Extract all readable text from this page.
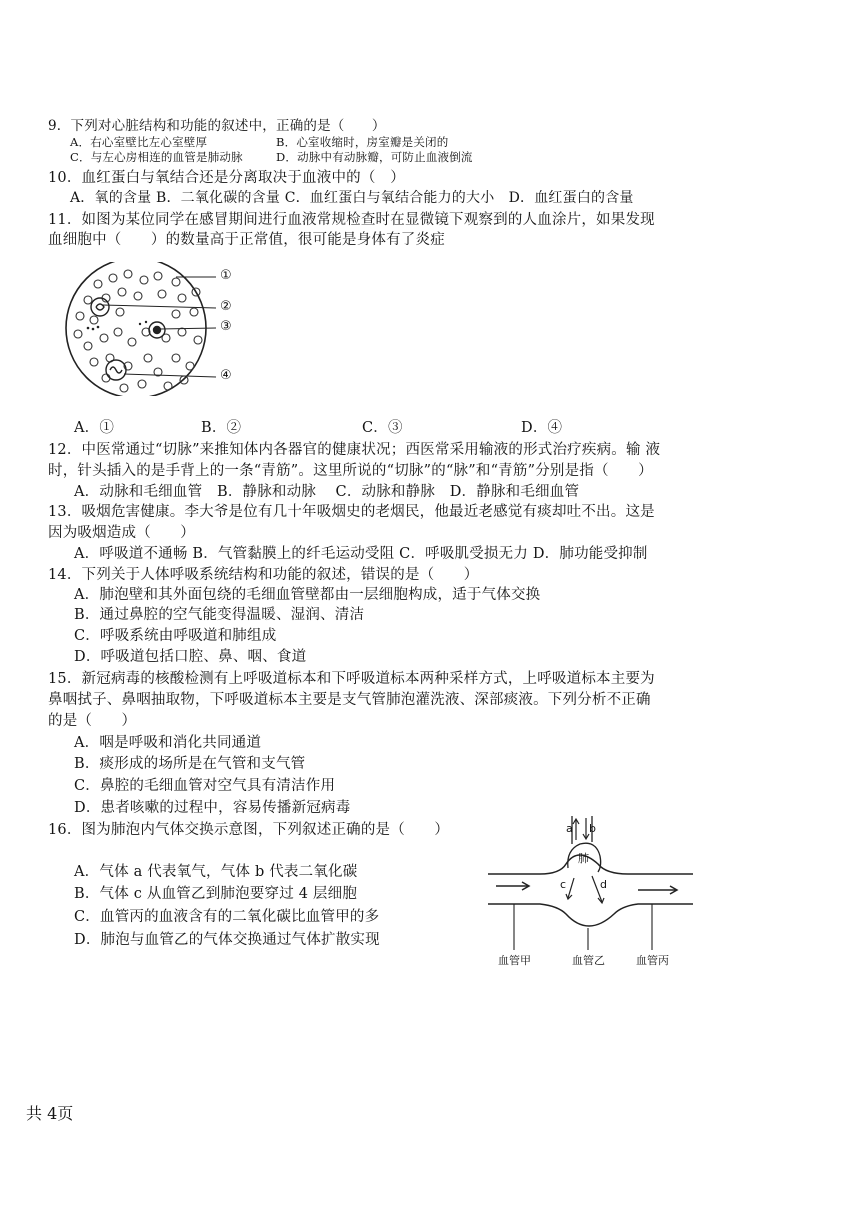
9．下列对心脏结构和功能的叙述中，正确的是（　　）

A．右心室壁比左心室壁厚	B．心室收缩时，房室瓣是关闭的

C．与左心房相连的血管是肺动脉	D．动脉中有动脉瓣，可防止血液倒流

10．血红蛋白与氧结合还是分离取决于血液中的（　）

A．氧的含量 B．二氧化碳的含量 C．血红蛋白与氧结合能力的大小　D．血红蛋白的含量

11．如图为某位同学在感冒期间进行血液常规检查时在显微镜下观察到的人血涂片，如果发现

血细胞中（　　）的数量高于正常值，很可能是身体有了炎症

①
②
③
④

A．①	B．②	C．③	D．④

12．中医常通过“切脉”来推知体内各器官的健康状况；西医常采用输液的形式治疗疾病。输 液

时，针头插入的是手背上的一条“青筋”。这里所说的“切脉”的“脉”和“青筋”分别是指（　　）

A．动脉和毛细血管　B．静脉和动脉　 C．动脉和静脉　D．静脉和毛细血管

13．吸烟危害健康。李大爷是位有几十年吸烟史的老烟民，他最近老感觉有痰却吐不出。这是

因为吸烟造成（　　）

A．呼吸道不通畅 B．气管黏膜上的纤毛运动受阻 C．呼吸肌受损无力 D．肺功能受抑制

14．下列关于人体呼吸系统结构和功能的叙述，错误的是（　　）

A．肺泡壁和其外面包绕的毛细血管壁都由一层细胞构成，适于气体交换

B．通过鼻腔的空气能变得温暖、湿润、清洁

C．呼吸系统由呼吸道和肺组成

D．呼吸道包括口腔、鼻、咽、食道

15．新冠病毒的核酸检测有上呼吸道标本和下呼吸道标本两种采样方式，上呼吸道标本主要为

鼻咽拭子、鼻咽抽取物，下呼吸道标本主要是支气管肺泡灌洗液、深部痰液。下列分析不正确

的是（　　）

A．咽是呼吸和消化共同通道

B．痰形成的场所是在气管和支气管

C．鼻腔的毛细血管对空气具有清洁作用

D．患者咳嗽的过程中，容易传播新冠病毒

16．图为肺泡内气体交换示意图，下列叙述正确的是（　　）

A．气体 a 代表氧气，气体 b 代表二氧化碳

B．气体 c 从血管乙到肺泡要穿过 4 层细胞

C．血管丙的血液含有的二氧化碳比血管甲的多

D．肺泡与血管乙的气体交换通过气体扩散实现

肺
a b
c	d
血管甲	血管乙	血管丙

共 4页
